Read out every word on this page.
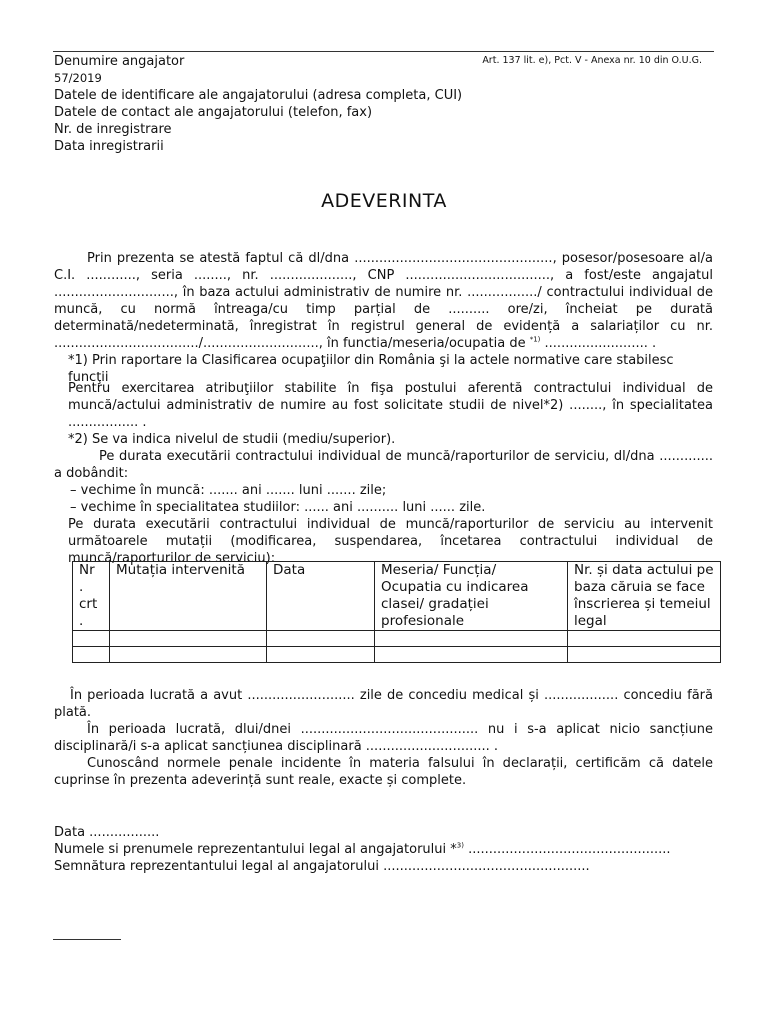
Denumire angajator	Art. 137 lit. e), Pct. V - Anexa nr. 10 din O.U.G.
57/2019
Datele de identificare ale angajatorului (adresa completa, CUI)
Datele de contact ale angajatorului (telefon, fax)
Nr. de inregistrare
Data inregistrarii
ADEVERINTA

Prin prezenta se atestă faptul că dl/dna ................................................, posesor/posesoare al/a C.I. ............, seria ........, nr. ...................., CNP ..................................., a fost/este angajatul ............................., în baza actului administrativ de numire nr. ................./ contractului individual de muncă, cu normă întreaga/cu timp parțial de .......... ore/zi, încheiat pe durată determinată/nedeterminată, înregistrat în registrul general de evidență a salariaților cu nr. .................................../............................, în functia/meseria/ocupatia de $^{*1)}$ ......................... .

*1) Prin raportare la Clasificarea ocupaţiilor din România şi la actele normative care stabilesc funcţii

Pentru exercitarea atribuţiilor stabilite în fişa postului aferentă contractului individual de muncă/actului administrativ de numire au fost solicitate studii de nivel*2) ........, în specialitatea ................. .

*2) Se va indica nivelul de studii (mediu/superior).

Pe durata executării contractului individual de muncă/raporturilor de serviciu, dl/dna ............. a dobândit:

– vechime în muncă: ....... ani ....... luni ....... zile;

– vechime în specialitatea studiilor: ...... ani .......... luni ...... zile.

Pe durata executării contractului individual de muncă/raporturilor de serviciu au intervenit următoarele mutații (modificarea, suspendarea, încetarea contractului individual de muncă/raporturilor de serviciu):

Nr . crt .	Mutația intervenită	Data	Meseria/ Funcția/ Ocupatia cu indicarea clasei/ gradației profesionale	Nr. și data actului pe baza căruia se face înscrierea și temeiul legal

În perioada lucrată a avut .......................... zile de concediu medical și .................. concediu fără plată.

În perioada lucrată, dlui/dnei ........................................... nu i s-a aplicat nicio sancțiune disciplinară/i s-a aplicat sancțiunea disciplinară .............................. .

Cunoscând normele penale incidente în materia falsului în declarații, certificăm că datele cuprinse în prezenta adeverință sunt reale, exacte și complete.

Data .................

Numele si prenumele reprezentantului legal al angajatorului *$^{3)}$ .................................................

Semnătura reprezentantului legal al angajatorului ..................................................
